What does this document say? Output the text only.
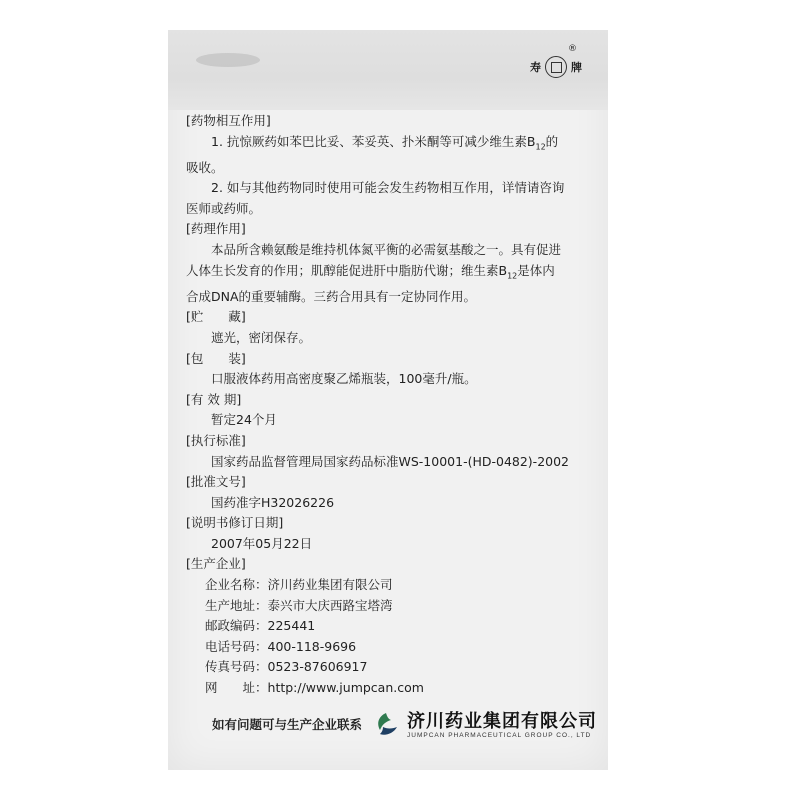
寿	牌
®

[药物相互作用]

1. 抗惊厥药如苯巴比妥、苯妥英、扑米酮等可减少维生素$B_{12}$的

吸收。

2. 如与其他药物同时使用可能会发生药物相互作用，详情请咨询

医师或药师。

[药理作用]

本品所含赖氨酸是维持机体氮平衡的必需氨基酸之一。具有促进

人体生长发育的作用；肌醇能促进肝中脂肪代谢；维生素$B_{12}$是体内

合成DNA的重要辅酶。三药合用具有一定协同作用。

[贮　　藏]

遮光，密闭保存。

[包　　装]

口服液体药用高密度聚乙烯瓶装，100毫升/瓶。

[有 效 期]

暂定24个月

[执行标准]

国家药品监督管理局国家药品标准WS-10001-(HD-0482)-2002

[批准文号]

国药准字H32026226

[说明书修订日期]

2007年05月22日

[生产企业]

企业名称：济川药业集团有限公司
生产地址：泰兴市大庆西路宝塔湾
邮政编码：225441
电话号码：400-118-9696
传真号码：0523-87606917
网　　址：http://www.jumpcan.com

如有问题可与生产企业联系	济川药业集团有限公司
JUMPCAN PHARMACEUTICAL GROUP CO., LTD
